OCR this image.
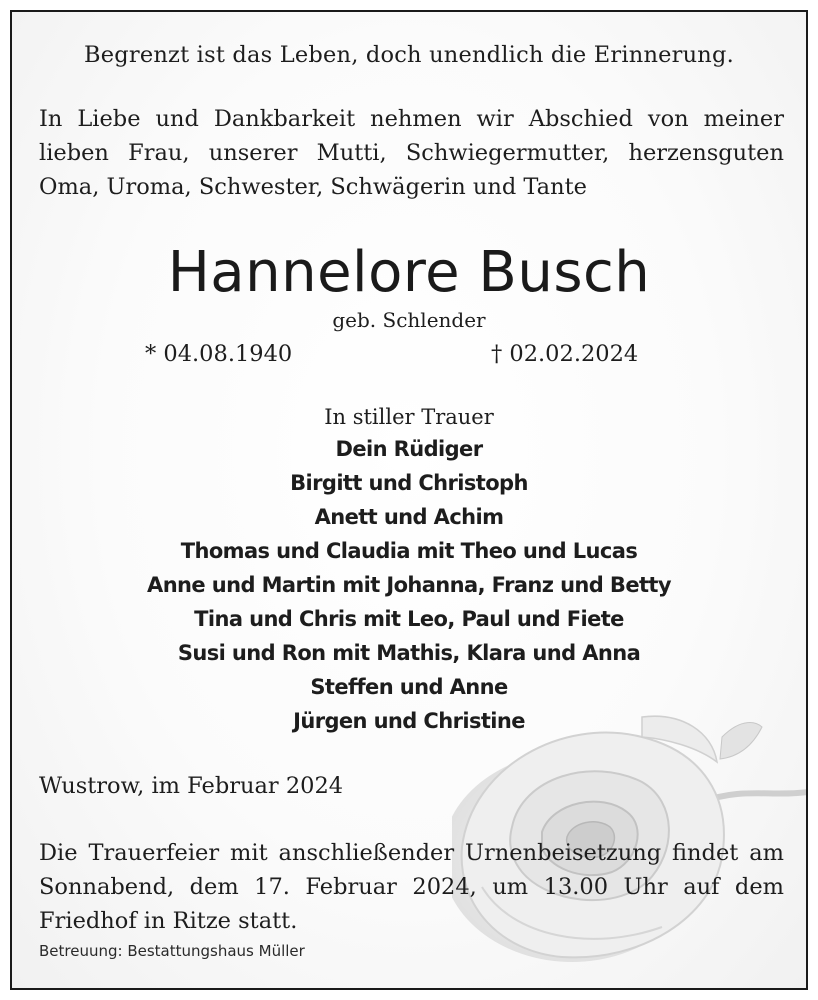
Begrenzt ist das Leben, doch unendlich die Erinnerung.
In Liebe und Dankbarkeit nehmen wir Abschied von meiner
lieben Frau, unserer Mutti, Schwiegermutter, herzensguten
Oma, Uroma, Schwester, Schwägerin und Tante
Hannelore Busch
geb. Schlender
* 04.08.1940	† 02.02.2024
In stiller Trauer
Dein Rüdiger
Birgitt und Christoph
Anett und Achim
Thomas und Claudia mit Theo und Lucas
Anne und Martin mit Johanna, Franz und Betty
Tina und Chris mit Leo, Paul und Fiete
Susi und Ron mit Mathis, Klara und Anna
Steffen und Anne
Jürgen und Christine
Wustrow, im Februar 2024
Die Trauerfeier mit anschließender Urnenbeisetzung findet am
Sonnabend, dem 17. Februar 2024, um 13.00 Uhr auf dem
Friedhof in Ritze statt.
Betreuung: Bestattungshaus Müller
